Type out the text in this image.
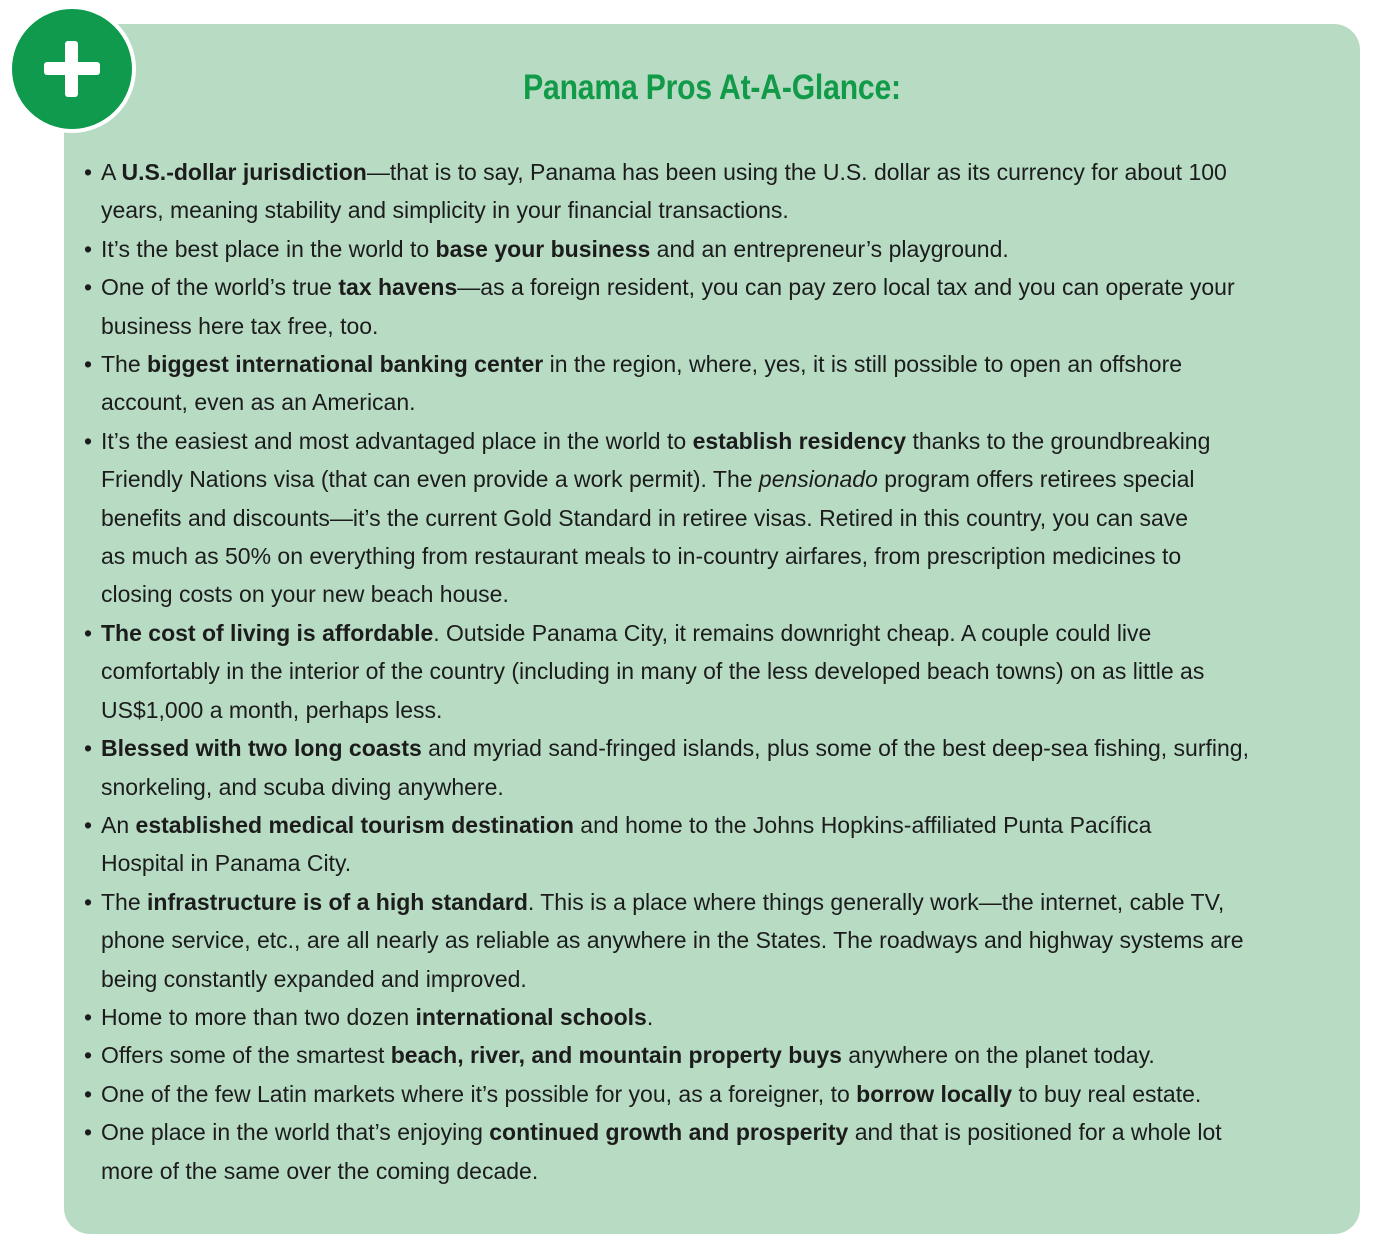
Panama Pros At-A-Glance:
• A U.S.-dollar jurisdiction—that is to say, Panama has been using the U.S. dollar as its currency for about 100
years, meaning stability and simplicity in your financial transactions.
• It’s the best place in the world to base your business and an entrepreneur’s playground.
• One of the world’s true tax havens—as a foreign resident, you can pay zero local tax and you can operate your
business here tax free, too.
• The biggest international banking center in the region, where, yes, it is still possible to open an offshore
account, even as an American.
• It’s the easiest and most advantaged place in the world to establish residency thanks to the groundbreaking
Friendly Nations visa (that can even provide a work permit). The pensionado program offers retirees special
benefits and discounts—it’s the current Gold Standard in retiree visas. Retired in this country, you can save
as much as 50% on everything from restaurant meals to in-country airfares, from prescription medicines to
closing costs on your new beach house.
• The cost of living is affordable. Outside Panama City, it remains downright cheap. A couple could live
comfortably in the interior of the country (including in many of the less developed beach towns) on as little as
US$1,000 a month, perhaps less.
• Blessed with two long coasts and myriad sand-fringed islands, plus some of the best deep-sea fishing, surfing,
snorkeling, and scuba diving anywhere.
• An established medical tourism destination and home to the Johns Hopkins-affiliated Punta Pacífica
Hospital in Panama City.
• The infrastructure is of a high standard. This is a place where things generally work—the internet, cable TV,
phone service, etc., are all nearly as reliable as anywhere in the States. The roadways and highway systems are
being constantly expanded and improved.
• Home to more than two dozen international schools.
• Offers some of the smartest beach, river, and mountain property buys anywhere on the planet today.
• One of the few Latin markets where it’s possible for you, as a foreigner, to borrow locally to buy real estate.
• One place in the world that’s enjoying continued growth and prosperity and that is positioned for a whole lot
more of the same over the coming decade.
